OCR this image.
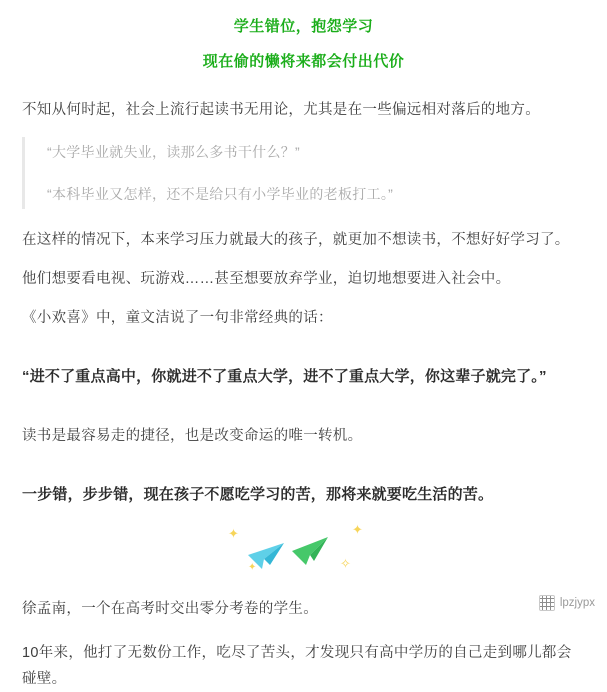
学生错位，抱怨学习
现在偷的懒将来都会付出代价

不知从何时起，社会上流行起读书无用论，尤其是在一些偏远相对落后的地方。

“大学毕业就失业，读那么多书干什么？”
“本科毕业又怎样，还不是给只有小学毕业的老板打工。”

在这样的情况下，本来学习压力就最大的孩子，就更加不想读书，不想好好学习了。

他们想要看电视、玩游戏……甚至想要放弃学业，迫切地想要进入社会中。

《小欢喜》中，童文洁说了一句非常经典的话：

“进不了重点高中，你就进不了重点大学，进不了重点大学，你这辈子就完了。”

读书是最容易走的捷径，也是改变命运的唯一转机。

一步错，步步错，现在孩子不愿吃学习的苦，那将来就要吃生活的苦。

✦	✦
✧
✦

徐孟南，一个在高考时交出零分考卷的学生。

10年来，他打了无数份工作，吃尽了苦头，才发现只有高中学历的自己走到哪儿都会碰壁。

lpzjypx
